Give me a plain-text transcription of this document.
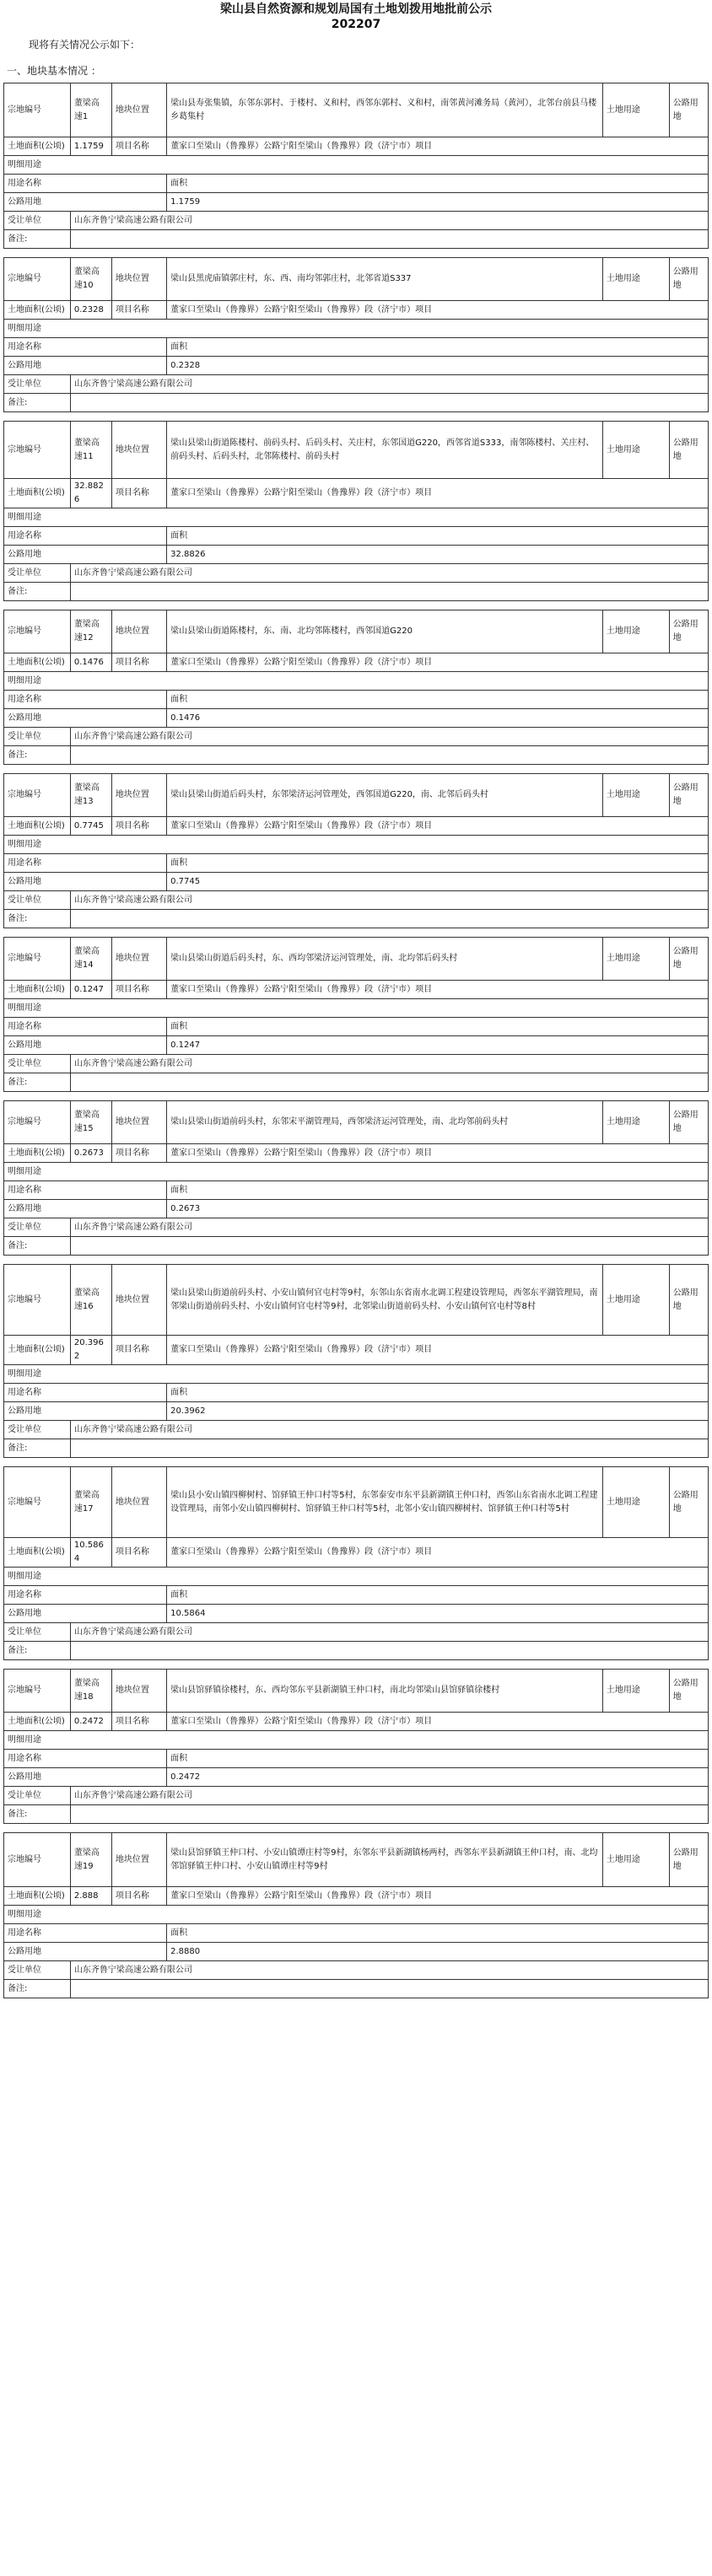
梁山县自然资源和规划局国有土地划拨用地批前公示
202207
现将有关情况公示如下：
一、地块基本情况 ：
宗地编号	董梁高速1	地块位置	梁山县寿张集镇，东邻东郭村、于楼村、义和村，西邻东郭村、义和村，南邻黄河滩务局（黄河），北邻台前县马楼乡葛集村	土地用途	公路用地
土地面积(公顷)	1.1759	项目名称	董家口至梁山（鲁豫界）公路宁阳至梁山（鲁豫界）段（济宁市）项目		
明细用途					
用途名称			面积		
公路用地			1.1759		
受让单位	山东齐鲁宁梁高速公路有限公司				
备注:					
宗地编号	董梁高速10	地块位置	梁山县黑虎庙镇郭庄村，东、西、南均邻郭庄村，北邻省道S337	土地用途	公路用地
土地面积(公顷)	0.2328	项目名称	董家口至梁山（鲁豫界）公路宁阳至梁山（鲁豫界）段（济宁市）项目		
明细用途					
用途名称			面积		
公路用地			0.2328		
受让单位	山东齐鲁宁梁高速公路有限公司				
备注:					
宗地编号	董梁高速11	地块位置	梁山县梁山街道陈楼村、前码头村、后码头村、关庄村，东邻国道G220，西邻省道S333，南邻陈楼村、关庄村、前码头村、后码头村，北邻陈楼村、前码头村	土地用途	公路用地
土地面积(公顷)	32.8826	项目名称	董家口至梁山（鲁豫界）公路宁阳至梁山（鲁豫界）段（济宁市）项目		
明细用途					
用途名称			面积		
公路用地			32.8826		
受让单位	山东齐鲁宁梁高速公路有限公司				
备注:					
宗地编号	董梁高速12	地块位置	梁山县梁山街道陈楼村，东、南、北均邻陈楼村，西邻国道G220	土地用途	公路用地
土地面积(公顷)	0.1476	项目名称	董家口至梁山（鲁豫界）公路宁阳至梁山（鲁豫界）段（济宁市）项目		
明细用途					
用途名称			面积		
公路用地			0.1476		
受让单位	山东齐鲁宁梁高速公路有限公司				
备注:					
宗地编号	董梁高速13	地块位置	梁山县梁山街道后码头村，东邻梁济运河管理处，西邻国道G220，南、北邻后码头村	土地用途	公路用地
土地面积(公顷)	0.7745	项目名称	董家口至梁山（鲁豫界）公路宁阳至梁山（鲁豫界）段（济宁市）项目		
明细用途					
用途名称			面积		
公路用地			0.7745		
受让单位	山东齐鲁宁梁高速公路有限公司				
备注:					
宗地编号	董梁高速14	地块位置	梁山县梁山街道后码头村，东、西均邻梁济运河管理处，南、北均邻后码头村	土地用途	公路用地
土地面积(公顷)	0.1247	项目名称	董家口至梁山（鲁豫界）公路宁阳至梁山（鲁豫界）段（济宁市）项目		
明细用途					
用途名称			面积		
公路用地			0.1247		
受让单位	山东齐鲁宁梁高速公路有限公司				
备注:					
宗地编号	董梁高速15	地块位置	梁山县梁山街道前码头村，东邻宋平湖管理局，西邻梁济运河管理处，南、北均邻前码头村	土地用途	公路用地
土地面积(公顷)	0.2673	项目名称	董家口至梁山（鲁豫界）公路宁阳至梁山（鲁豫界）段（济宁市）项目		
明细用途					
用途名称			面积		
公路用地			0.2673		
受让单位	山东齐鲁宁梁高速公路有限公司				
备注:					
宗地编号	董梁高速16	地块位置	梁山县梁山街道前码头村、小安山镇何官屯村等9村，东邻山东省南水北调工程建设管理局，西邻东平湖管理局，南邻梁山街道前码头村、小安山镇何官屯村等9村，北邻梁山街道前码头村、小安山镇何官屯村等8村	土地用途	公路用地
土地面积(公顷)	20.3962	项目名称	董家口至梁山（鲁豫界）公路宁阳至梁山（鲁豫界）段（济宁市）项目		
明细用途					
用途名称			面积		
公路用地			20.3962		
受让单位	山东齐鲁宁梁高速公路有限公司				
备注:					
宗地编号	董梁高速17	地块位置	梁山县小安山镇四柳树村、馆驿镇王仲口村等5村，东邻泰安市东平县新湖镇王仲口村，西邻山东省南水北调工程建设管理局，南邻小安山镇四柳树村、馆驿镇王仲口村等5村，北邻小安山镇四柳树村、馆驿镇王仲口村等5村	土地用途	公路用地
土地面积(公顷)	10.5864	项目名称	董家口至梁山（鲁豫界）公路宁阳至梁山（鲁豫界）段（济宁市）项目		
明细用途					
用途名称			面积		
公路用地			10.5864		
受让单位	山东齐鲁宁梁高速公路有限公司				
备注:					
宗地编号	董梁高速18	地块位置	梁山县馆驿镇徐楼村，东、西均邻东平县新湖镇王仲口村，南北均邻梁山县馆驿镇徐楼村	土地用途	公路用地
土地面积(公顷)	0.2472	项目名称	董家口至梁山（鲁豫界）公路宁阳至梁山（鲁豫界）段（济宁市）项目		
明细用途					
用途名称			面积		
公路用地			0.2472		
受让单位	山东齐鲁宁梁高速公路有限公司				
备注:					
宗地编号	董梁高速19	地块位置	梁山县馆驿镇王仲口村、小安山镇谭庄村等9村，东邻东平县新湖镇杨两村，西邻东平县新湖镇王仲口村，南、北均邻馆驿镇王仲口村、小安山镇谭庄村等9村	土地用途	公路用地
土地面积(公顷)	2.888	项目名称	董家口至梁山（鲁豫界）公路宁阳至梁山（鲁豫界）段（济宁市）项目		
明细用途					
用途名称			面积		
公路用地			2.8880		
受让单位	山东齐鲁宁梁高速公路有限公司				
备注:					
